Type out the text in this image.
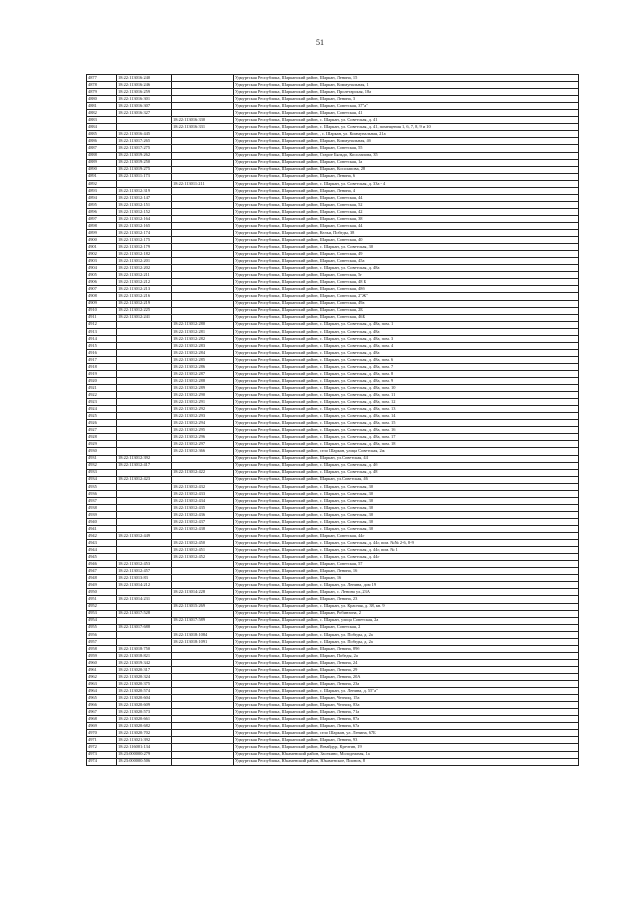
51
4877	18:22:113016:240		Удмуртская Республика, Шарканский район, Шаркан, Ленина, 15
4878	18:22:113016:246		Удмуртская Республика, Шарканский район, Шаркан, Коммунальная, 1
4879	18:22:113016:259		Удмуртская Республика, Шарканский район, Шаркан, Пролетарская, 18а
4880	18:22:113016:301		Удмуртская Республика, Шарканский район, Шаркан, Ленина, 3
4881	18:22:113016:307		Удмуртская Республика, Шарканский район, Шаркан, Советская, 37"а"
4882	18:22:113016:327		Удмуртская Республика, Шарканский район, Шаркан, Советская, 41
4883		18:22:113016:330	Удмуртская Республика, Шарканский район, с. Шаркан, ул. Советская, д. 41
4884		18:22:113016:331	Удмуртская Республика, Шарканский район, с. Шаркан, ул. Советская, д. 41, помещения 1, 6, 7, 8, 9 и 10
4885	18:22:113016:445		Удмуртская Республика, Шарканский район, , с. Шаркан, ул. Коммунальная, 21а
4886	18:22:113017:265		Удмуртская Республика, Шарканский район, Шаркан, Коммунальная, 4б
4887	18:22:113017:275		Удмуртская Республика, Шарканский район, Шаркан, Советская, 55
4888	18:22:113019:262		Удмуртская Республика, Шарканский район, Старое Бяльдо, Косолапова, 35
4889	18:22:113019:250		Удмуртская Республика, Шарканский район, Шаркан, Советская, 1а
4890	18:22:113019:275		Удмуртская Республика, Шарканский район, Шаркан, Косолапова, 28
4891	18:22:113011:173		Удмуртская Республика, Шарканский район, Шаркан, Ленина, 6
4892		18:22:113011:211	Удмуртская Республика, Шарканский район, с. Шаркан, ул. Советская, д. 33а - 4
4893	18:22:113012:319		Удмуртская Республика, Шарканский район, Шаркан, Ленина, 4
4894	18:22:113012:147		Удмуртская Республика, Шарканский район, Шаркан, Советская, 44
4895	18:22:113012:151		Удмуртская Республика, Шарканский район, Шаркан, Советская, 52
4896	18:22:113012:152		Удмуртская Республика, Шарканский район, Шаркан, Советская, 42
4897	18:22:113012:164		Удмуртская Республика, Шарканский район, Шаркан, Советская, 38
4898	18:22:113012:165		Удмуртская Республика, Шарканский район, Шаркан, Советская, 44
4899	18:22:113012:174		Удмуртская Республика, Шарканский район, Кельи, Победы, 38
4900	18:22:113012:175		Удмуртская Республика, Шарканский район, Шаркан, Советская, 40
4901	18:22:113012:179		Удмуртская Республика, Шарканский район, с. Шаркан, ул. Советская, 30
4902	18:22:113012:182		Удмуртская Республика, Шарканский район, Шаркан, Советская, 49
4903	18:22:113012:201		Удмуртская Республика, Шарканский район, Шаркан, Советская, 45а
4904	18:22:113012:202		Удмуртская Республика, Шарканский район, с. Шаркан, ул. Советская, д. 48а
4905	18:22:113012:211		Удмуртская Республика, Шарканский район, Шаркан, Советская, 5г
4906	18:22:113012:212		Удмуртская Республика, Шарканский район, Шаркан, Советская, 48 Б
4907	18:22:113012:213		Удмуртская Республика, Шарканский район, Шаркан, Советская, 48б
4908	18:22:113012:216		Удмуртская Республика, Шарканский район, Шаркан, Советская, 2"Ж"
4909	18:22:113012:219		Удмуртская Республика, Шарканский район, Шаркан, Советская, 49а
4910	18:22:113012:225		Удмуртская Республика, Шарканский район, Шаркан, Советская, 2Б
4911	18:22:113012:241		Удмуртская Республика, Шарканский район, Шаркан, Советская, 46Б
4912		18:22:113012:280	Удмуртская Республика, Шарканский район, с. Шаркан, ул. Советская, д. 48а, пом. 1
4913		18:22:113012:281	Удмуртская Республика, Шарканский район, с. Шаркан, ул. Советская, д. 48а
4914		18:22:113012:282	Удмуртская Республика, Шарканский район, с. Шаркан, ул. Советская, д. 48а, пом. 3
4915		18:22:113012:283	Удмуртская Республика, Шарканский район, с. Шаркан, ул. Советская, д. 48а, пом. 4
4916		18:22:113012:284	Удмуртская Республика, Шарканский район, с. Шаркан, ул. Советская, д. 48а
4917		18:22:113012:285	Удмуртская Республика, Шарканский район, с. Шаркан, ул. Советская, д. 48а, пом. 6
4918		18:22:113012:286	Удмуртская Республика, Шарканский район, с. Шаркан, ул. Советская, д. 48а, пом. 7
4919		18:22:113012:287	Удмуртская Республика, Шарканский район, с. Шаркан, ул. Советская, д. 48а, пом. 8
4920		18:22:113012:288	Удмуртская Республика, Шарканский район, с. Шаркан, ул. Советская, д. 48а, пом. 9
4921		18:22:113012:289	Удмуртская Республика, Шарканский район, с. Шаркан, ул. Советская, д. 48а, пом. 10
4922		18:22:113012:290	Удмуртская Республика, Шарканский район, с. Шаркан, ул. Советская, д. 48а, пом. 11
4923		18:22:113012:291	Удмуртская Республика, Шарканский район, с. Шаркан, ул. Советская, д. 48а, пом. 12
4924		18:22:113012:292	Удмуртская Республика, Шарканский район, с. Шаркан, ул. Советская, д. 48а, пом. 13
4925		18:22:113012:293	Удмуртская Республика, Шарканский район, с. Шаркан, ул. Советская, д. 48а, пом. 14
4926		18:22:113012:294	Удмуртская Республика, Шарканский район, с. Шаркан, ул. Советская, д. 48а, пом. 15
4927		18:22:113012:295	Удмуртская Республика, Шарканский район, с. Шаркан, ул. Советская, д. 48а, пом. 16
4928		18:22:113012:296	Удмуртская Республика, Шарканский район, с. Шаркан, ул. Советская, д. 48а, пом. 17
4929		18:22:113012:297	Удмуртская Республика, Шарканский район, с. Шаркан, ул. Советская, д. 48а, пом. 18
4930		18:22:113012:366	Удмуртская Республика, Шарканский район, село Шаркан, улица Советская, 2ж
4931	18:22:113012:392		Удмуртская Республика, Шарканский район, Шаркан, ул.Советская, 44
4932	18:22:113012:417		Удмуртская Республика, Шарканский район, с. Шаркан, ул. Советская, д. 4б
4933		18:22:113012:422	Удмуртская Республика, Шарканский район, с. Шаркан, ул. Советская, д. 48
4934	18:22:113012:423		Удмуртская Республика, Шарканский район, Шаркан, ул.Советская, 46
4935		18:22:113012:432	Удмуртская Республика, Шарканский район, с. Шаркан, ул. Советская, 30
4936		18:22:113012:433	Удмуртская Республика, Шарканский район, с. Шаркан, ул. Советская, 30
4937		18:22:113012:434	Удмуртская Республика, Шарканский район, с. Шаркан, ул. Советская, 30
4938		18:22:113012:435	Удмуртская Республика, Шарканский район, с. Шаркан, ул. Советская, 30
4939		18:22:113012:436	Удмуртская Республика, Шарканский район, с. Шаркан, ул. Советская, 30
4940		18:22:113012:437	Удмуртская Республика, Шарканский район, с. Шаркан, ул. Советская, 30
4941		18:22:113012:438	Удмуртская Республика, Шарканский район, с. Шаркан, ул. Советская, 30
4942	18:22:113012:449		Удмуртская Республика, Шарканский район, Шаркан, Советская, 44г
4943		18:22:113012:450	Удмуртская Республика, Шарканский район, с. Шаркан, ул. Советская, д. 44г, пом. №№ 2-6, 8-9
4944		18:22:113012:451	Удмуртская Республика, Шарканский район, с. Шаркан, ул. Советская, д. 44г, пом. № 1
4945		18:22:113012:452	Удмуртская Республика, Шарканский район, с. Шаркан, ул. Советская, д. 44г
4946	18:22:113012:453		Удмуртская Республика, Шарканский район, Шаркан, Советская, 57
4947	18:22:113012:457		Удмуртская Республика, Шарканский район, Шаркан, Ленина, 16
4948	18:22:113013:83		Удмуртская Республика, Шарканский район, Шаркан, 16
4949	18:22:113014:212		Удмуртская Республика, Шарканский район, с. Шаркан, ул. Ленина, дом 19
4950		18:22:113014:228	Удмуртская Республика, Шарканский район, Шаркан, с. Ленина ул.,23А
4951	18:22:113014:231		Удмуртская Республика, Шарканский район, Шаркан, Ленина, 23
4952		18:22:113015:269	Удмуртская Республика, Шарканский район, с. Шаркан, ул. Красная, д. 38, кв. 9
4953	18:22:113017:528		Удмуртская Республика, Шарканский район, Шаркан, Робинзона, 2
4954		18:22:113017:589	Удмуртская Республика, Шарканский район, с. Шаркан, улица Советская, 2а
4955	18:22:113017:688		Удмуртская Республика, Шарканский район, Шаркан, Советская, 2
4956		18:22:113018:1084	Удмуртская Республика, Шарканский район, с. Шаркан, ул. Победы, д. 2а
4957		18:22:113018:1091	Удмуртская Республика, Шарканский район, с. Шаркан, ул. Победы, д. 2а
4958	18:22:113018:750		Удмуртская Республика, Шарканский район, Шаркан, Ленина, 89б
4959	18:22:113018:821		Удмуртская Республика, Шарканский район, Шаркан, Победы, 2а
4960	18:22:113019:342		Удмуртская Республика, Шарканский район, Шаркан, Ленина, 24
4961	18:22:113020:317		Удмуртская Республика, Шарканский район, Шаркан, Ленина, 29
4962	18:22:113020:324		Удмуртская Республика, Шарканский район, Шаркан, Ленина, 20А
4963	18:22:113020:375		Удмуртская Республика, Шарканский район, Шаркан, Ленина, 23а
4964	18:22:113020:574		Удмуртская Республика, Шарканский район, с. Шаркан, ул. Ленина, д. 55"а"
4965	18:22:113020:604		Удмуртская Республика, Шарканский район, Шаркан, Чепчиц, 15а
4966	18:22:113020:609		Удмуртская Республика, Шарканский район, Шаркан, Чепчиц, 83а
4967	18:22:113020:573		Удмуртская Республика, Шарканский район, Шаркан, Ленина, 71а
4968	18:22:113020:661		Удмуртская Республика, Шарканский район, Шаркан, Ленина, 87а
4969	18:22:113020:682		Удмуртская Республика, Шарканский район, Шаркан, Ленина, 67а
4970	18:22:113020:702		Удмуртская Республика, Шарканский район, село Шаркан, ул. Ленина, 67Б
4971	18:22:113021:392		Удмуртская Республика, Шарканский район, Шаркан, Ленина, 93
4972	18:22:116001:134		Удмуртская Республика, Шарканский район, Ягвайдур, Кречтив, 19
4973	18:23:000000:279		Удмуртская Республика, Юкаменский район, Засекино, Молодежная, 1а
4974	18:23:000000:506		Удмуртская Республика, Юкаменский район, Юкаменское, Пионов, 8
